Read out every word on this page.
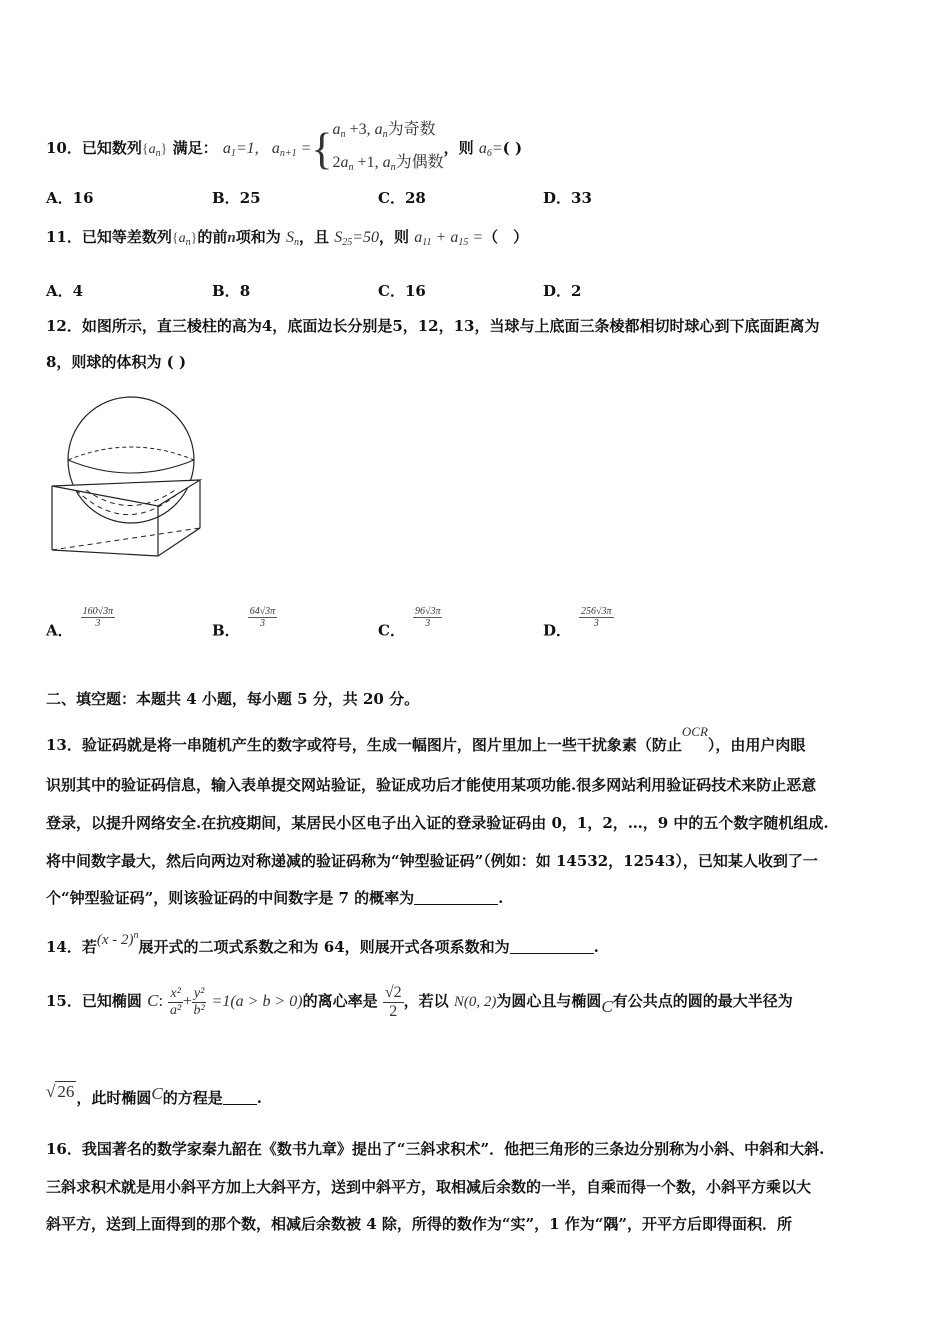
10．已知数列$\{a_n\}$ 满足： $a_1=1$, $a_{n+1}$ ={ $a_n +3$, $a_n$为奇数
$2a_n +1$, $a_n$为偶数
，则 $a_6=$( )
A．16	B．25	C．28	D．33
11．已知等差数列$\{a_n\}$的前n项和为 $S_n$，且 $S_{25}=50$，则 $a_{11} + a_{15}$ =（　）
A．4	B．8	C．16	D．2
12．如图所示，直三棱柱的高为4，底面边长分别是5，12，13，当球与上底面三条棱都相切时球心到下底面距离为
8，则球的体积为 ( )
A．
$\frac{160√3\pi}{3}$
B．
$\frac{64√3\pi}{3}$
C．
$\frac{96√3\pi}{3}$
D．
$\frac{256√3\pi}{3}$
二、填空题：本题共 4 小题，每小题 5 分，共 20 分。
13．验证码就是将一串随机产生的数字或符号，生成一幅图片，图片里加上一些干扰象素（防止OCR），由用户肉眼
识别其中的验证码信息，输入表单提交网站验证，验证成功后才能使用某项功能.很多网站利用验证码技术来防止恶意
登录，以提升网络安全.在抗疫期间，某居民小区电子出入证的登录验证码由 0，1，2，…，9 中的五个数字随机组成.
将中间数字最大，然后向两边对称递减的验证码称为“钟型验证码”（例如：如 14532，12543），已知某人收到了一
个“钟型验证码”，则该验证码的中间数字是 7 的概率为	.
14．若(x - 2)$^n$展开式的二项式系数之和为 64，则展开式各项系数和为	.
15．已知椭圆 C: $\frac{\text{x²}}{\text{a²}} + \frac{\text{y²}}{\text{b²}} =1(a > b > 0)$的离心率是 $\frac{√2}{2}$ ，若以 N(0, 2)为圆心且与椭圆C有公共点的圆的最大半径为
√ 26 ，此时椭圆C的方程是 .
16．我国著名的数学家秦九韶在《数书九章》提出了“三斜求积术”．他把三角形的三条边分别称为小斜、中斜和大斜.
三斜求积术就是用小斜平方加上大斜平方，送到中斜平方，取相减后余数的一半，自乘而得一个数，小斜平方乘以大
斜平方，送到上面得到的那个数，相减后余数被 4 除，所得的数作为“实”，1 作为“隅”，开平方后即得面积．所
